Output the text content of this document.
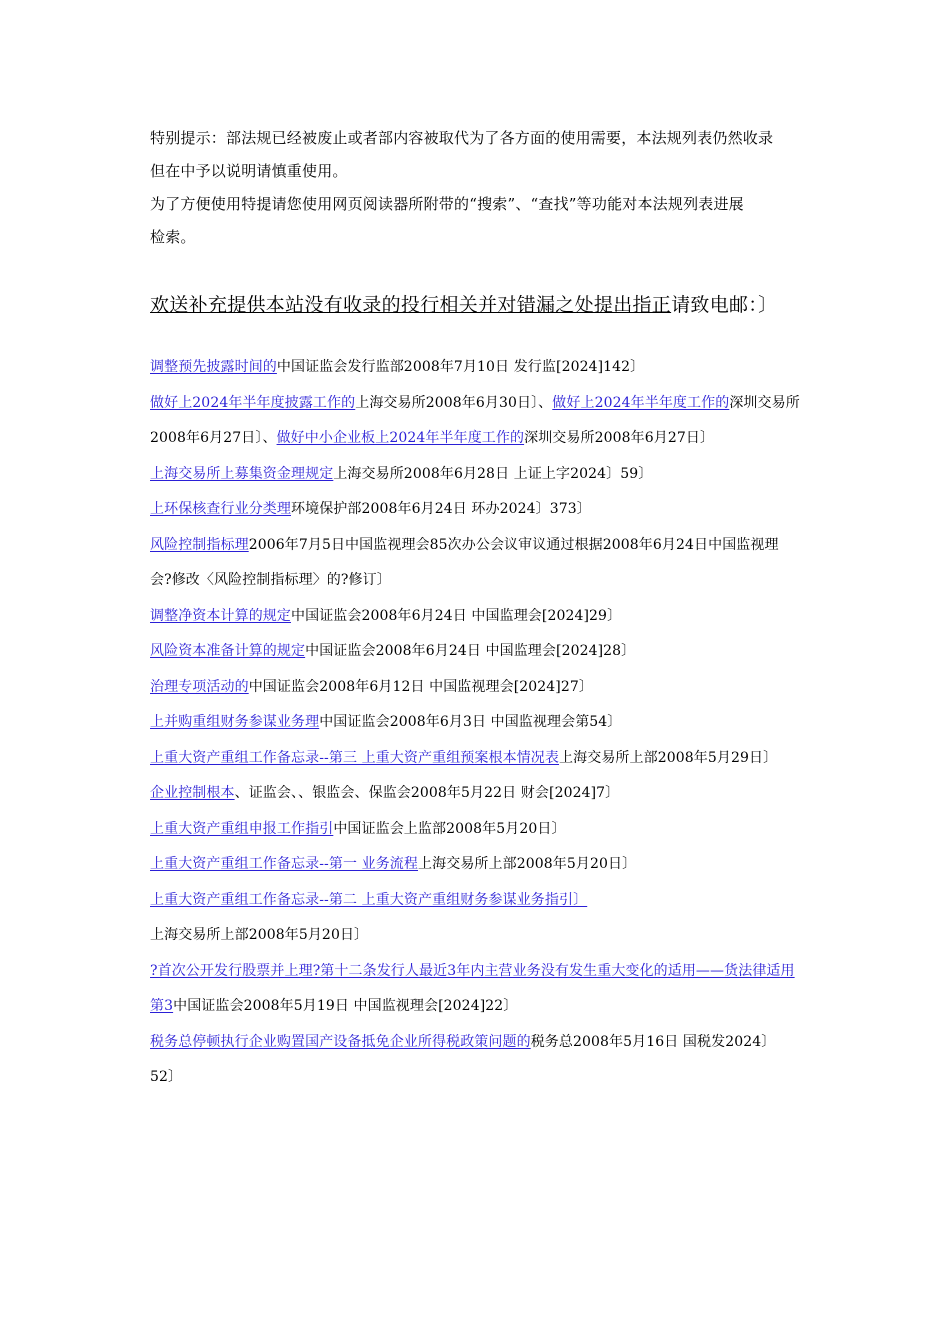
特别提示：部法规已经被废止或者部内容被取代为了各方面的使用需要，本法规列表仍然收录

但在中予以说明请慎重使用。

为了方便使用特提请您使用网页阅读器所附带的“搜索”、“查找”等功能对本法规列表进展

检索。

欢送补充提供本站没有收录的投行相关并对错漏之处提出指正请致电邮：〕

调整预先披露时间的中国证监会发行监部2008年7月10日 发行监[2024]142〕
做好上2024年半年度披露工作的上海交易所2008年6月30日〕、做好上2024年半年度工作的深圳交易所2008年6月27日〕、做好中小企业板上2024年半年度工作的深圳交易所2008年6月27日〕
上海交易所上募集资金理规定上海交易所2008年6月28日 上证上字2024〕59〕
上环保核查行业分类理环境保护部2008年6月24日 环办2024〕373〕
风险控制指标理2006年7月5日中国监视理会85次办公会议审议通过根据2008年6月24日中国监视理会?修改〈风险控制指标理〉的?修订〕
调整净资本计算的规定中国证监会2008年6月24日 中国监理会[2024]29〕
风险资本准备计算的规定中国证监会2008年6月24日 中国监理会[2024]28〕
治理专项活动的中国证监会2008年6月12日 中国监视理会[2024]27〕
上并购重组财务参谋业务理中国证监会2008年6月3日 中国监视理会第54〕
上重大资产重组工作备忘录--第三 上重大资产重组预案根本情况表上海交易所上部2008年5月29日〕
企业控制根本、证监会、、银监会、保监会2008年5月22日 财会[2024]7〕
上重大资产重组申报工作指引中国证监会上监部2008年5月20日〕
上重大资产重组工作备忘录--第一 业务流程上海交易所上部2008年5月20日〕
上重大资产重组工作备忘录--第二 上重大资产重组财务参谋业务指引〕上海交易所上部2008年5月20日〕
?首次公开发行股票并上理?第十二条发行人最近3年内主营业务没有发生重大变化的适用——货法律适用第3中国证监会2008年5月19日 中国监视理会[2024]22〕
税务总停顿执行企业购置国产设备抵免企业所得税政策问题的税务总2008年5月16日 国税发2024〕52〕
